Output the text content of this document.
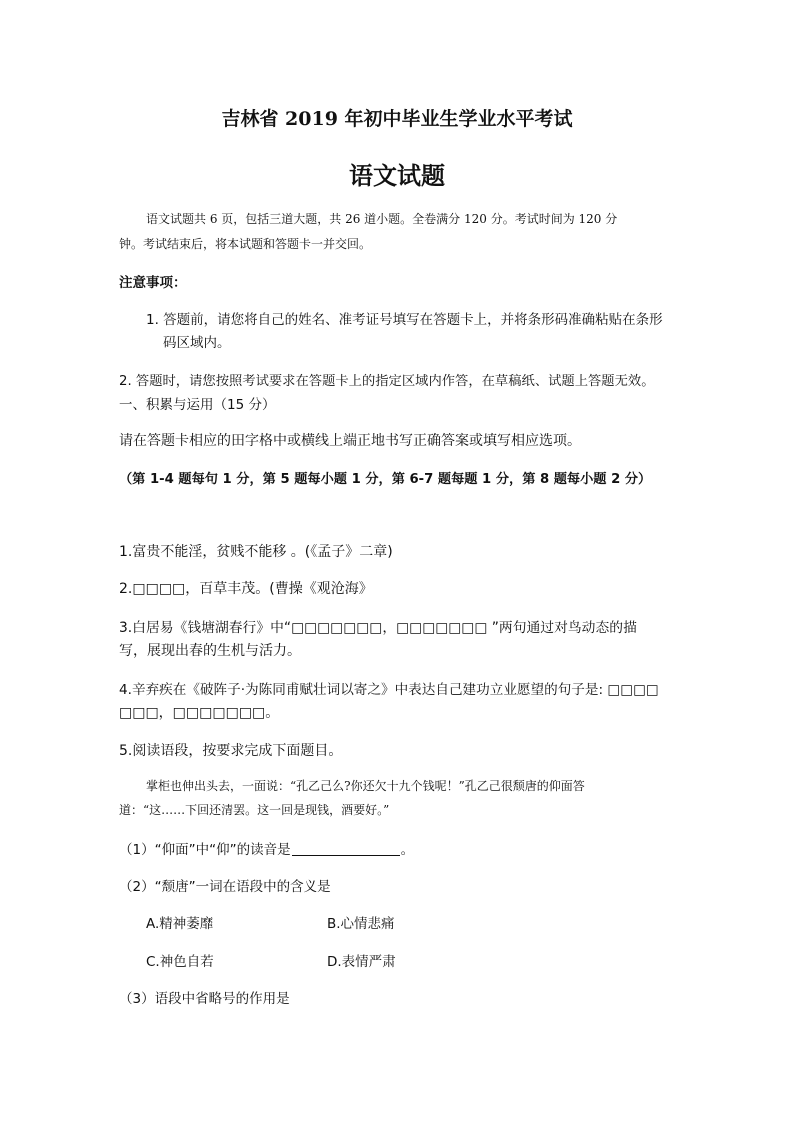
吉林省 2019 年初中毕业生学业水平考试
语文试题
语文试题共 6 页，包括三道大题，共 26 道小题。全卷满分 120 分。考试时间为 120 分
钟。考试结束后，将本试题和答题卡一并交回。
注意事项：
1. 答题前，请您将自己的姓名、准考证号填写在答题卡上，并将条形码准确粘贴在条形
码区域内。
2. 答题时，请您按照考试要求在答题卡上的指定区域内作答，在草稿纸、试题上答题无效。
一、积累与运用（15 分）
请在答题卡相应的田字格中或横线上端正地书写正确答案或填写相应选项。
（第 1-4 题每句 1 分，第 5 题每小题 1 分，第 6-7 题每题 1 分，第 8 题每小题 2 分）
1.富贵不能淫，贫贱不能移 。(《孟子》二章)
2.□□□□，百草丰茂。(曹操《观沧海》
3.白居易《钱塘湖春行》中“□□□□□□□，□□□□□□□ ”两句通过对鸟动态的描
写，展现出春的生机与活力。
4.辛弃疾在《破阵子·为陈同甫赋壮词以寄之》中表达自己建功立业愿望的句子是: □□□□
□□□，□□□□□□□。
5.阅读语段，按要求完成下面题目。
掌柜也伸出头去，一面说：“孔乙己么?你还欠十九个钱呢！”孔乙己很颓唐的仰面答
道：“这……下回还清罢。这一回是现钱，酒要好。”
（1）“仰面”中“仰”的读音是	。
（2）“颓唐”一词在语段中的含义是
A.精神萎靡	B.心情悲痛
C.神色自若	D.表情严肃
（3）语段中省略号的作用是
